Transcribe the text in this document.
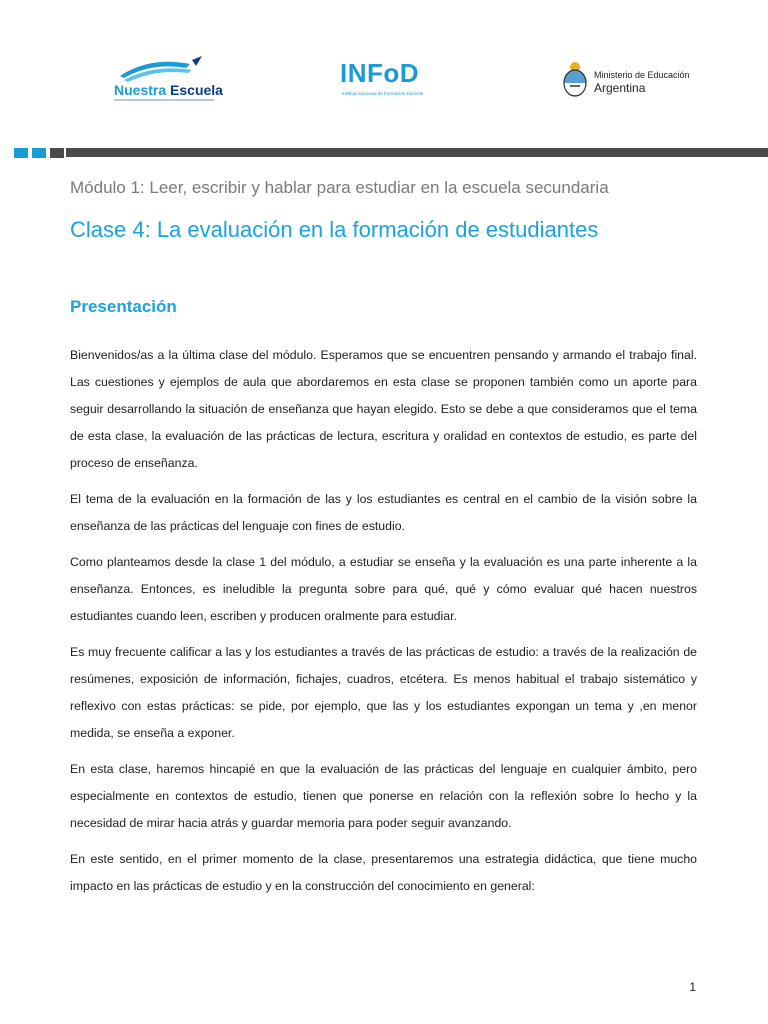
Nuestra Escuela
INFoD
Instituto Nacional de Formación Docente
Ministerio de Educación
Argentina
Módulo 1: Leer, escribir y hablar para estudiar en la escuela secundaria
Clase 4: La evaluación en la formación de estudiantes
Presentación

Bienvenidos/as a la última clase del módulo. Esperamos que se encuentren pensando y armando el trabajo final. Las cuestiones y ejemplos de aula que abordaremos en esta clase se proponen también como un aporte para seguir desarrollando la situación de enseñanza que hayan elegido. Esto se debe a que consideramos que el tema de esta clase, la evaluación de las prácticas de lectura, escritura y oralidad en contextos de estudio, es parte del proceso de enseñanza.

El tema de la evaluación en la formación de las y los estudiantes es central en el cambio de la visión sobre la enseñanza de las prácticas del lenguaje con fines de estudio.

Como planteamos desde la clase 1 del módulo, a estudiar se enseña y la evaluación es una parte inherente a la enseñanza. Entonces, es ineludible la pregunta sobre para qué, qué y cómo evaluar qué hacen nuestros estudiantes cuando leen, escriben y producen oralmente para estudiar.

Es muy frecuente calificar a las y los estudiantes a través de las prácticas de estudio: a través de la realización de resúmenes, exposición de información, fichajes, cuadros, etcétera. Es menos habitual el trabajo sistemático y reflexivo con estas prácticas: se pide, por ejemplo, que las y los estudiantes expongan un tema y ,en menor medida, se enseña a exponer.

En esta clase, haremos hincapié en que la evaluación de las prácticas del lenguaje en cualquier ámbito, pero especialmente en contextos de estudio, tienen que ponerse en relación con la reflexión sobre lo hecho y la necesidad de mirar hacia atrás y guardar memoria para poder seguir avanzando.

En este sentido, en el primer momento de la clase, presentaremos una estrategia didáctica, que tiene mucho impacto en las prácticas de estudio y en la construcción del conocimiento en general:

1
